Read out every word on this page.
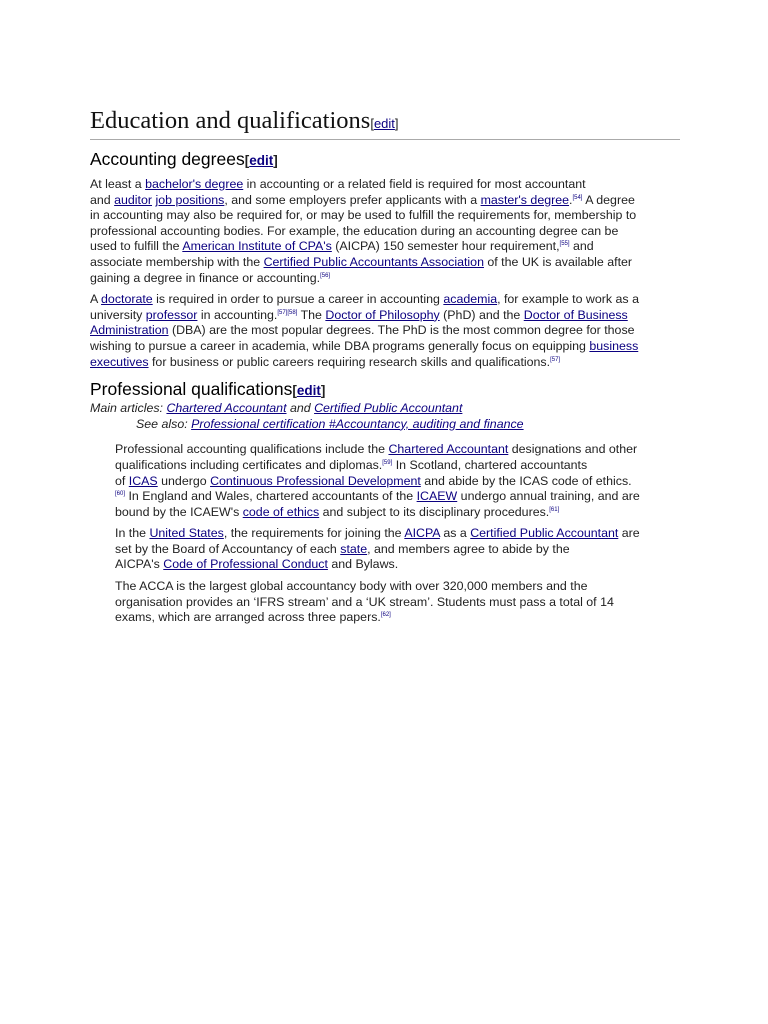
Education and qualifications[edit]
Accounting degrees[edit]

At least a bachelor's degree in accounting or a related field is required for most accountant
and auditor job positions, and some employers prefer applicants with a master's degree.[54] A degree
in accounting may also be required for, or may be used to fulfill the requirements for, membership to
professional accounting bodies. For example, the education during an accounting degree can be
used to fulfill the American Institute of CPA's (AICPA) 150 semester hour requirement,[55] and
associate membership with the Certified Public Accountants Association of the UK is available after
gaining a degree in finance or accounting.[56]

A doctorate is required in order to pursue a career in accounting academia, for example to work as a
university professor in accounting.[57][58] The Doctor of Philosophy (PhD) and the Doctor of Business
Administration (DBA) are the most popular degrees. The PhD is the most common degree for those
wishing to pursue a career in academia, while DBA programs generally focus on equipping business
executives for business or public careers requiring research skills and qualifications.[57]

Professional qualifications[edit]
Main articles: Chartered Accountant and Certified Public Accountant
See also: Professional certification #Accountancy, auditing and finance

Professional accounting qualifications include the Chartered Accountant designations and other
qualifications including certificates and diplomas.[59] In Scotland, chartered accountants
of ICAS undergo Continuous Professional Development and abide by the ICAS code of ethics.
[60] In England and Wales, chartered accountants of the ICAEW undergo annual training, and are
bound by the ICAEW's code of ethics and subject to its disciplinary procedures.[61]

In the United States, the requirements for joining the AICPA as a Certified Public Accountant are
set by the Board of Accountancy of each state, and members agree to abide by the
AICPA's Code of Professional Conduct and Bylaws.

The ACCA is the largest global accountancy body with over 320,000 members and the
organisation provides an ‘IFRS stream’ and a ‘UK stream’. Students must pass a total of 14
exams, which are arranged across three papers.[62]
